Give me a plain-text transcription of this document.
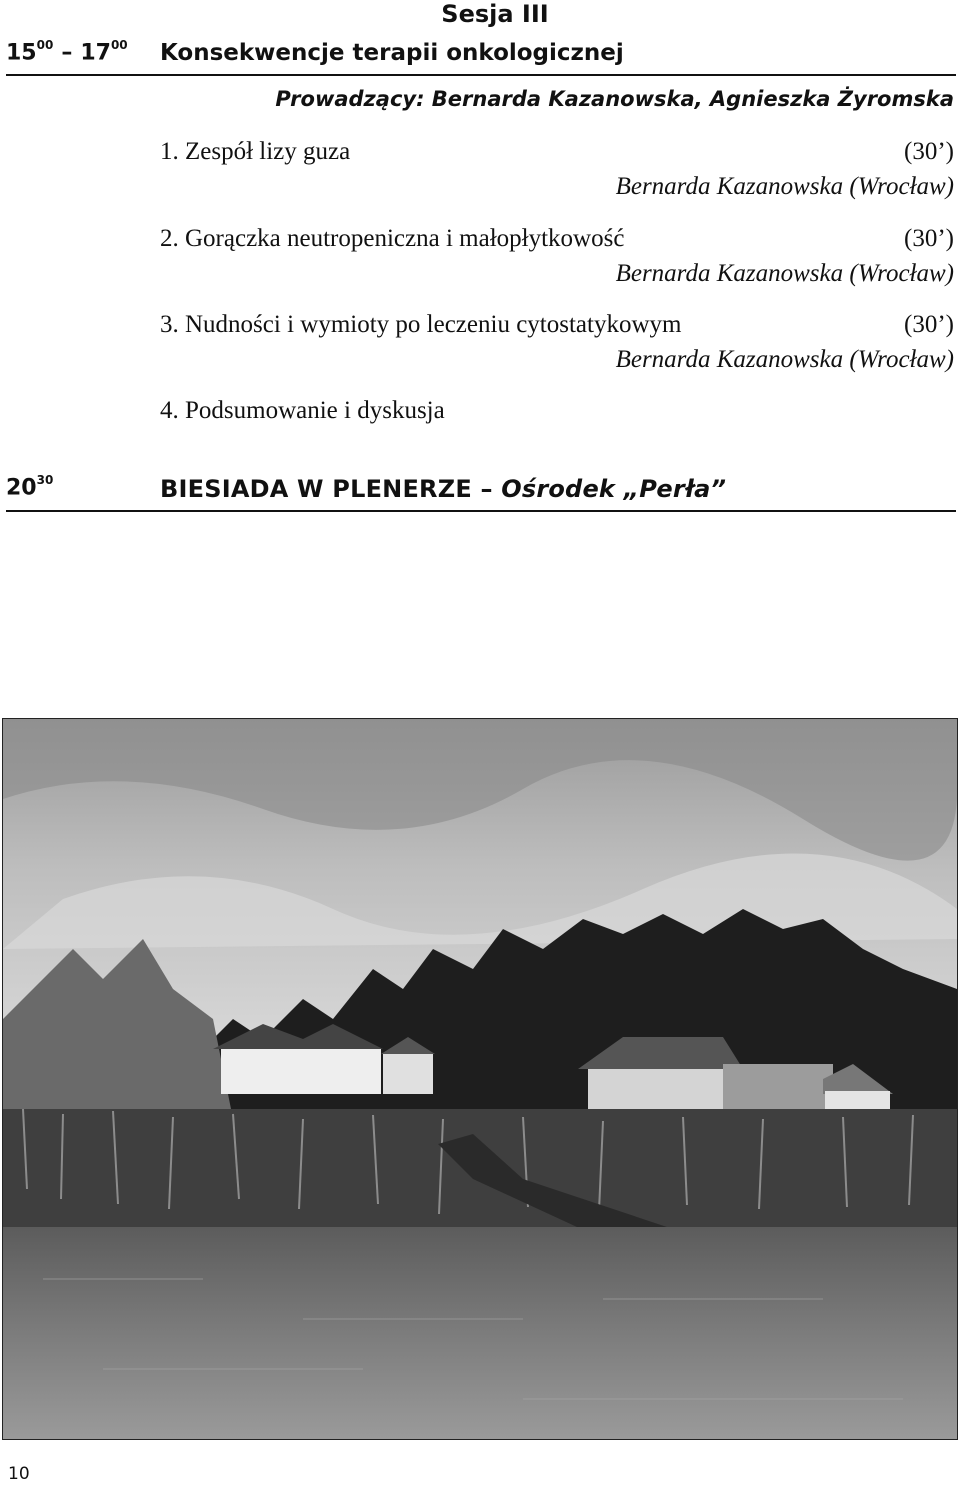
Sesja III
$15^{00} - 17^{00}$ Konsekwencje terapii onkologicznej
Prowadzący: Bernarda Kazanowska, Agnieszka Żyromska
1. Zespół lizy guza	(30’)
Bernarda Kazanowska (Wrocław)
2. Gorączka neutropeniczna i małopłytkowość	(30’)
Bernarda Kazanowska (Wrocław)
3. Nudności i wymioty po leczeniu cytostatykowym	(30’)
Bernarda Kazanowska (Wrocław)
4. Podsumowanie i dyskusja
$20^{30}$	BIESIADA W PLENERZE – Ośrodek „Perła”
10
